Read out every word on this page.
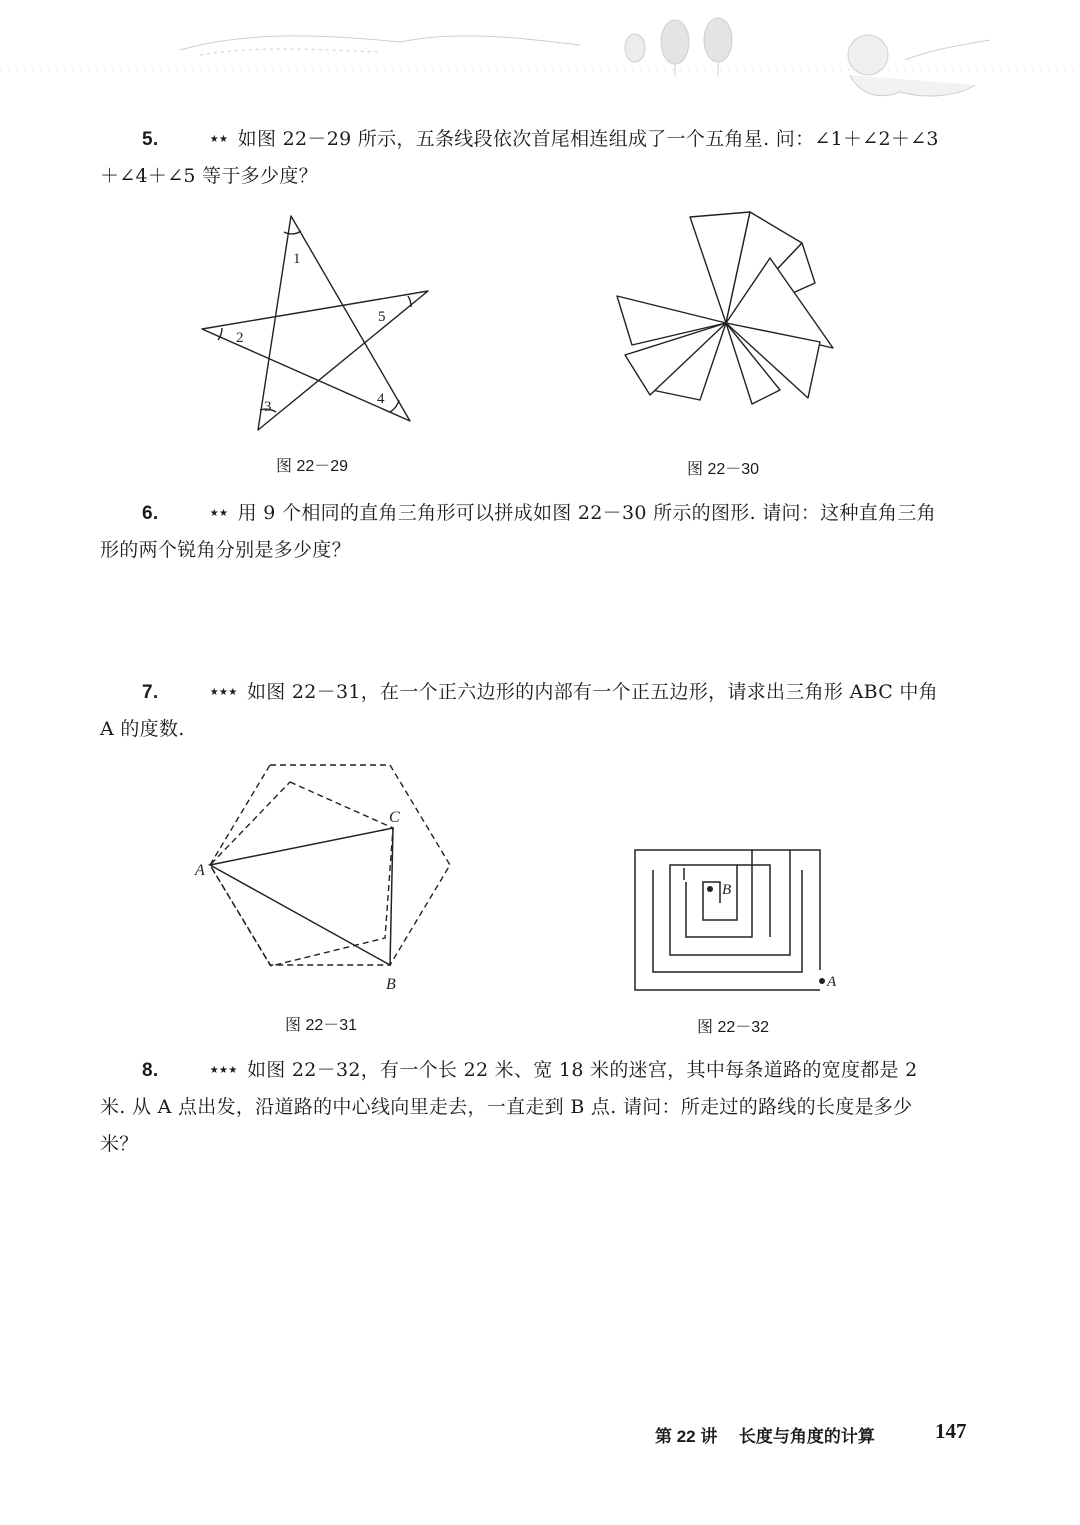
5.	★★ 如图 22－29 所示，五条线段依次首尾相连组成了一个五角星. 问：∠1＋∠2＋∠3＋∠4＋∠5 等于多少度？
1
2
3	4
5
图 22－29	图 22－30
6.	★★ 用 9 个相同的直角三角形可以拼成如图 22－30 所示的图形. 请问：这种直角三角形的两个锐角分别是多少度？
7.	★★★ 如图 22－31，在一个正六边形的内部有一个正五边形，请求出三角形 ABC 中角 A 的度数.
A
B
C
图 22－31
B
A
图 22－32
8.	★★★ 如图 22－32，有一个长 22 米、宽 18 米的迷宫，其中每条道路的宽度都是 2 米. 从 A 点出发，沿道路的中心线向里走去，一直走到 B 点. 请问：所走过的路线的长度是多少米？
第 22 讲 长度与角度的计算	147
